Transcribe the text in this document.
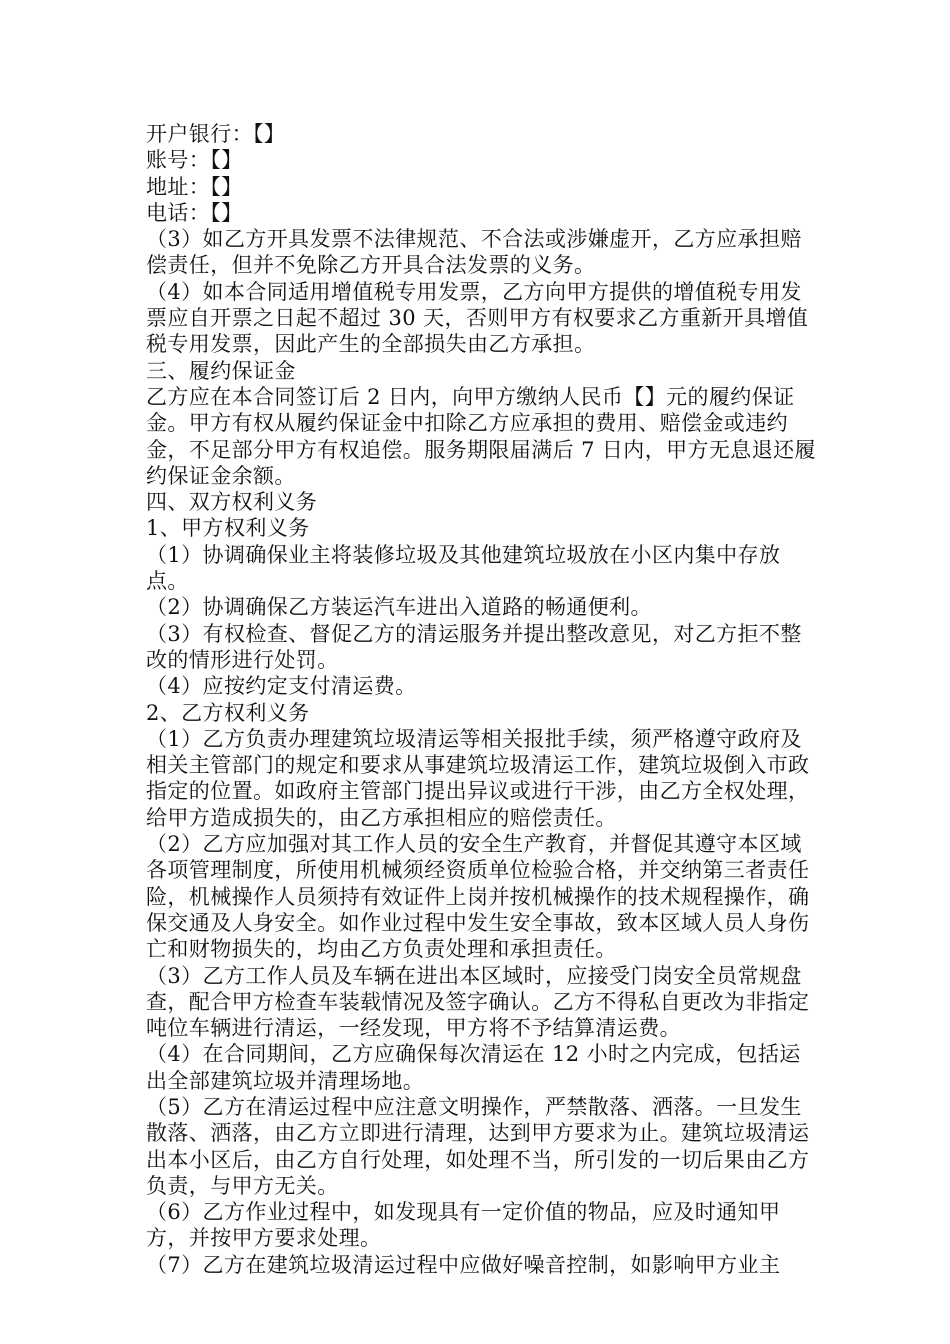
开户银行：【】

账号：【】

地址：【】

电话：【】

（3）如乙方开具发票不法律规范、不合法或涉嫌虚开，乙方应承担赔偿责任，但并不免除乙方开具合法发票的义务。

（4）如本合同适用增值税专用发票，乙方向甲方提供的增值税专用发票应自开票之日起不超过 30 天，否则甲方有权要求乙方重新开具增值税专用发票，因此产生的全部损失由乙方承担。

三、履约保证金

乙方应在本合同签订后 2 日内，向甲方缴纳人民币【】元的履约保证金。甲方有权从履约保证金中扣除乙方应承担的费用、赔偿金或违约金，不足部分甲方有权追偿。服务期限届满后 7 日内，甲方无息退还履约保证金余额。

四、双方权利义务

1、甲方权利义务

（1）协调确保业主将装修垃圾及其他建筑垃圾放在小区内集中存放点。

（2）协调确保乙方装运汽车进出入道路的畅通便利。

（3）有权检查、督促乙方的清运服务并提出整改意见，对乙方拒不整改的情形进行处罚。

（4）应按约定支付清运费。

2、乙方权利义务

（1）乙方负责办理建筑垃圾清运等相关报批手续，须严格遵守政府及相关主管部门的规定和要求从事建筑垃圾清运工作，建筑垃圾倒入市政指定的位置。如政府主管部门提出异议或进行干涉，由乙方全权处理，给甲方造成损失的，由乙方承担相应的赔偿责任。

（2）乙方应加强对其工作人员的安全生产教育，并督促其遵守本区域各项管理制度，所使用机械须经资质单位检验合格，并交纳第三者责任险，机械操作人员须持有效证件上岗并按机械操作的技术规程操作，确保交通及人身安全。如作业过程中发生安全事故，致本区域人员人身伤亡和财物损失的，均由乙方负责处理和承担责任。

（3）乙方工作人员及车辆在进出本区域时，应接受门岗安全员常规盘查，配合甲方检查车装载情况及签字确认。乙方不得私自更改为非指定吨位车辆进行清运，一经发现，甲方将不予结算清运费。

（4）在合同期间，乙方应确保每次清运在 12 小时之内完成，包括运出全部建筑垃圾并清理场地。

（5）乙方在清运过程中应注意文明操作，严禁散落、洒落。一旦发生散落、洒落，由乙方立即进行清理，达到甲方要求为止。建筑垃圾清运出本小区后，由乙方自行处理，如处理不当，所引发的一切后果由乙方负责，与甲方无关。

（6）乙方作业过程中，如发现具有一定价值的物品，应及时通知甲方，并按甲方要求处理。

（7）乙方在建筑垃圾清运过程中应做好噪音控制，如影响甲方业主
